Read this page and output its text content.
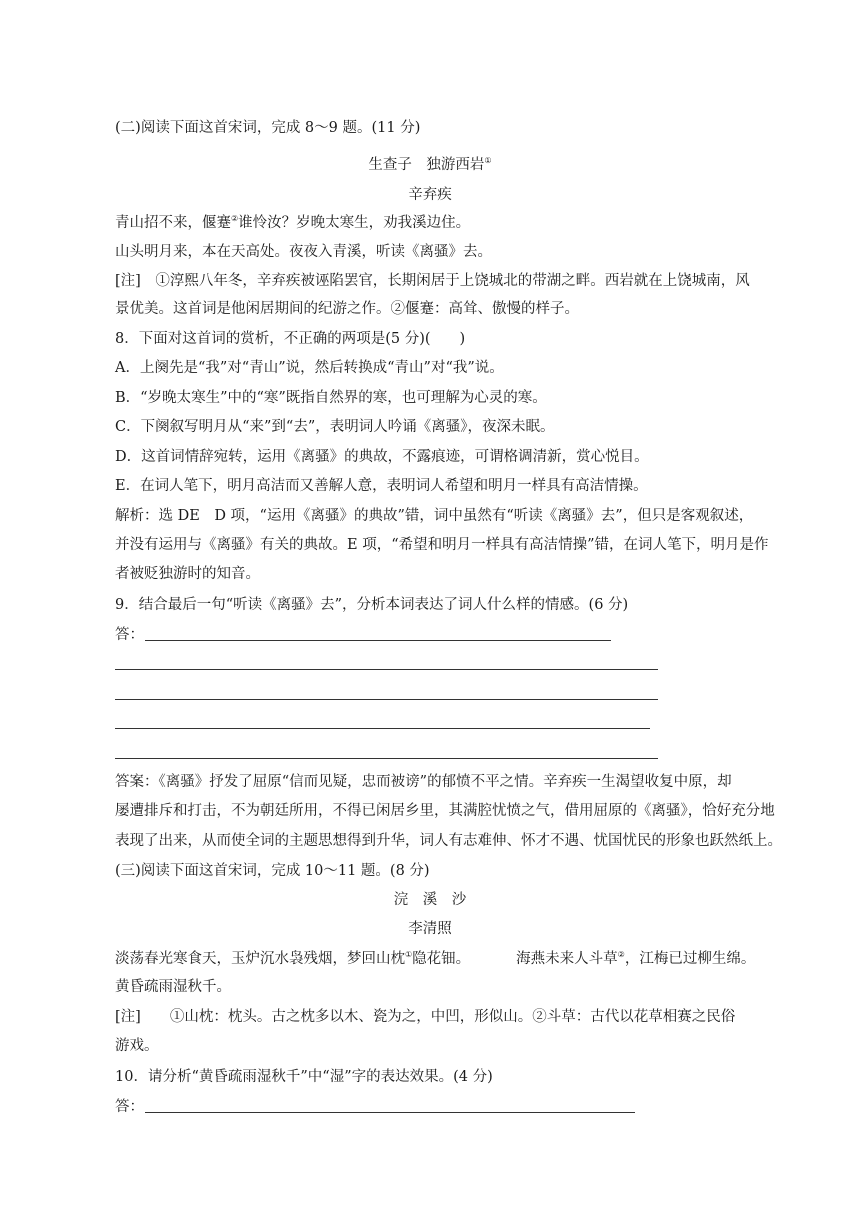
(二)阅读下面这首宋词，完成 8～9 题。(11 分)
生查子　独游西岩①
辛弃疾
青山招不来，偃蹇②谁怜汝？岁晚太寒生，劝我溪边住。
山头明月来，本在天高处。夜夜入青溪，听读《离骚》去。
[注]　①淳熙八年冬，辛弃疾被诬陷罢官，长期闲居于上饶城北的带湖之畔。西岩就在上饶城南，风
景优美。这首词是他闲居期间的纪游之作。②偃蹇：高耸、傲慢的样子。
8．下面对这首词的赏析，不正确的两项是(5 分)(　　)
A．上阕先是“我”对“青山”说，然后转换成“青山”对“我”说。
B．“岁晚太寒生”中的“寒”既指自然界的寒，也可理解为心灵的寒。
C．下阕叙写明月从“来”到“去”，表明词人吟诵《离骚》，夜深未眠。
D．这首词情辞宛转，运用《离骚》的典故，不露痕迹，可谓格调清新，赏心悦目。
E．在词人笔下，明月高洁而又善解人意，表明词人希望和明月一样具有高洁情操。
解析：选 DE　D 项，“运用《离骚》的典故”错，词中虽然有“听读《离骚》去”，但只是客观叙述，
并没有运用与《离骚》有关的典故。E 项，“希望和明月一样具有高洁情操”错，在词人笔下，明月是作
者被贬独游时的知音。
9．结合最后一句“听读《离骚》去”，分析本词表达了词人什么样的情感。(6 分)
答：
答案：《离骚》抒发了屈原“信而见疑，忠而被谤”的郁愤不平之情。辛弃疾一生渴望收复中原，却
屡遭排斥和打击，不为朝廷所用，不得已闲居乡里，其满腔忧愤之气，借用屈原的《离骚》，恰好充分地
表现了出来，从而使全词的主题思想得到升华，词人有志难伸、怀才不遇、忧国忧民的形象也跃然纸上。
(三)阅读下面这首宋词，完成 10～11 题。(8 分)
浣　溪　沙
李清照
淡荡春光寒食天，玉炉沉水袅残烟，梦回山枕①隐花钿。	海燕未来人斗草②，江梅已过柳生绵。
黄昏疏雨湿秋千。
[注]　　①山枕：枕头。古之枕多以木、瓷为之，中凹，形似山。②斗草：古代以花草相赛之民俗
游戏。
10．请分析“黄昏疏雨湿秋千”中“湿”字的表达效果。(4 分)
答：
